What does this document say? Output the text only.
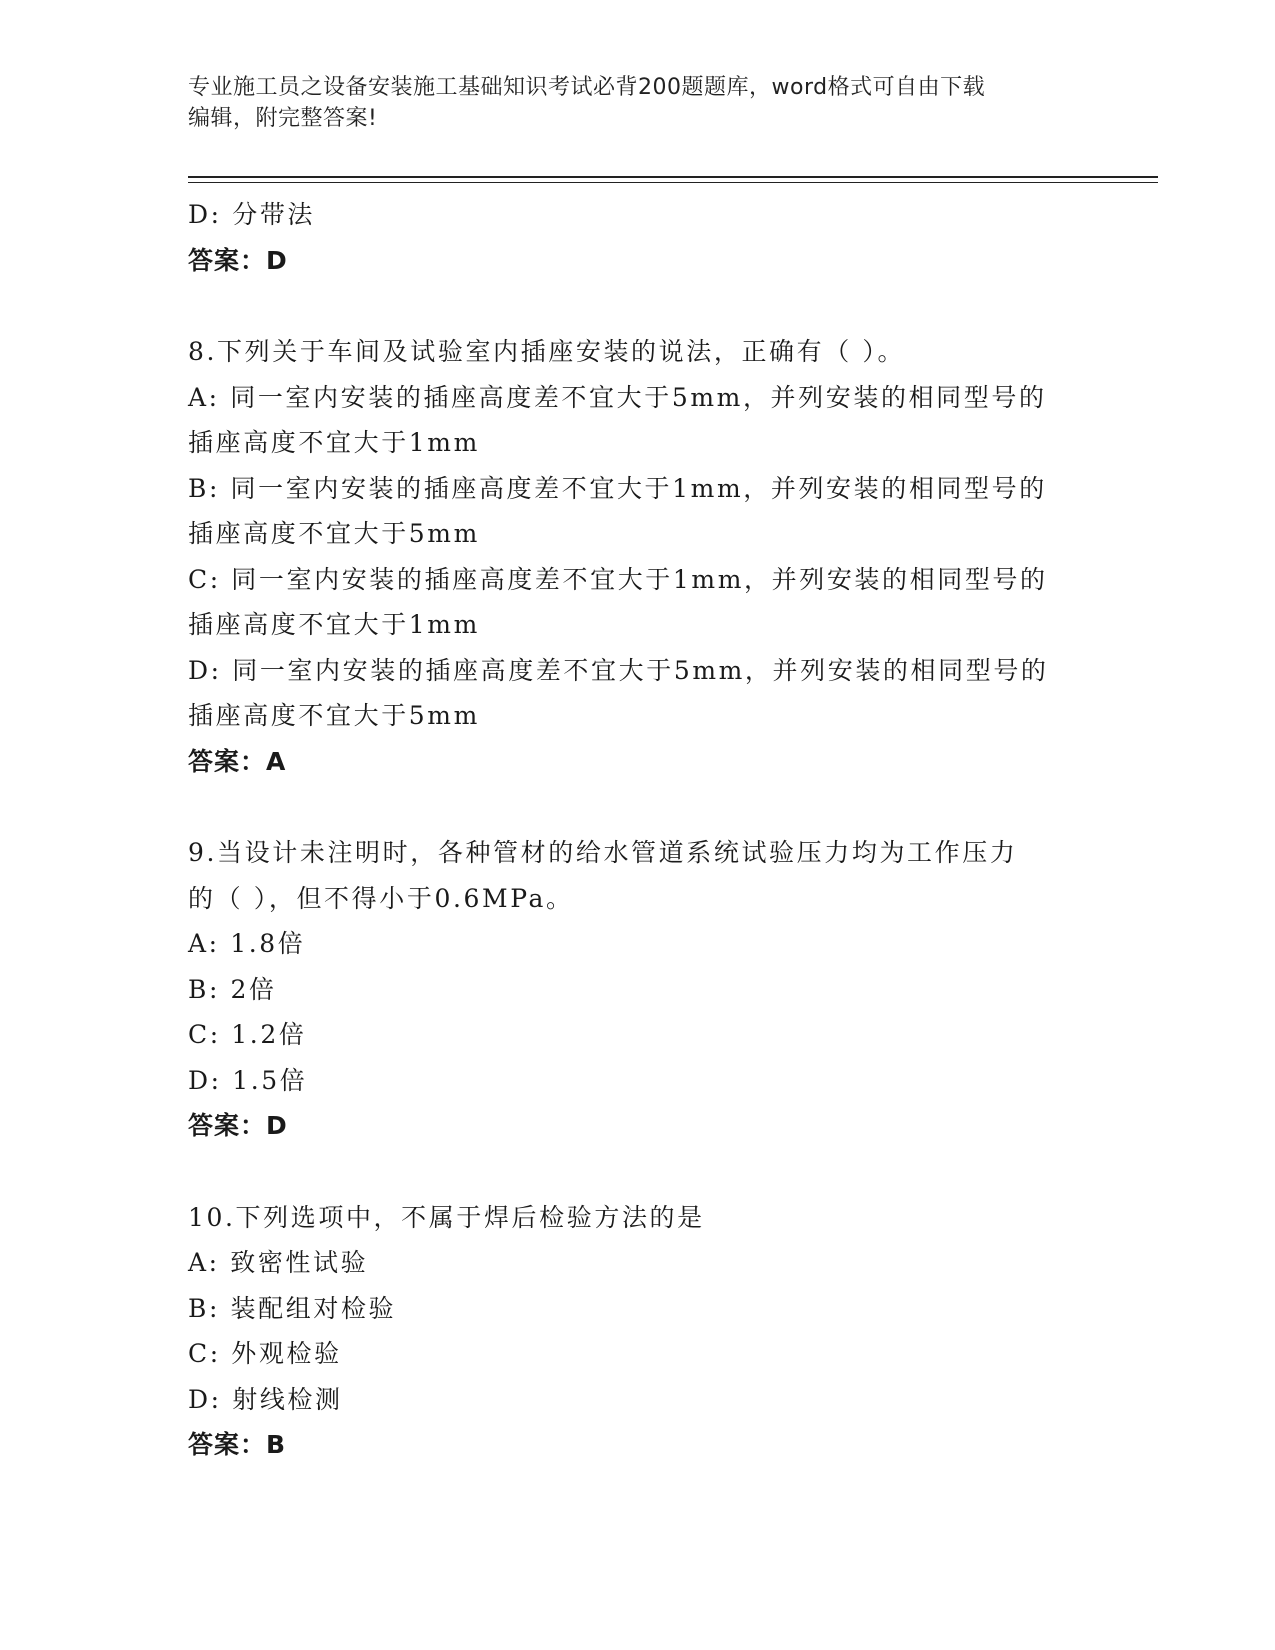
专业施工员之设备安装施工基础知识考试必背200题题库，word格式可自由下载
编辑，附完整答案!
D: 分带法
答案：D
8.下列关于车间及试验室内插座安装的说法，正确有（ ）。
A: 同一室内安装的插座高度差不宜大于5mm，并列安装的相同型号的
插座高度不宜大于1mm
B: 同一室内安装的插座高度差不宜大于1mm，并列安装的相同型号的
插座高度不宜大于5mm
C: 同一室内安装的插座高度差不宜大于1mm，并列安装的相同型号的
插座高度不宜大于1mm
D: 同一室内安装的插座高度差不宜大于5mm，并列安装的相同型号的
插座高度不宜大于5mm
答案：A
9.当设计未注明时，各种管材的给水管道系统试验压力均为工作压力
的（ ），但不得小于0.6MPa。
A: 1.8倍
B: 2倍
C: 1.2倍
D: 1.5倍
答案：D
10.下列选项中，不属于焊后检验方法的是
A: 致密性试验
B: 装配组对检验
C: 外观检验
D: 射线检测
答案：B
